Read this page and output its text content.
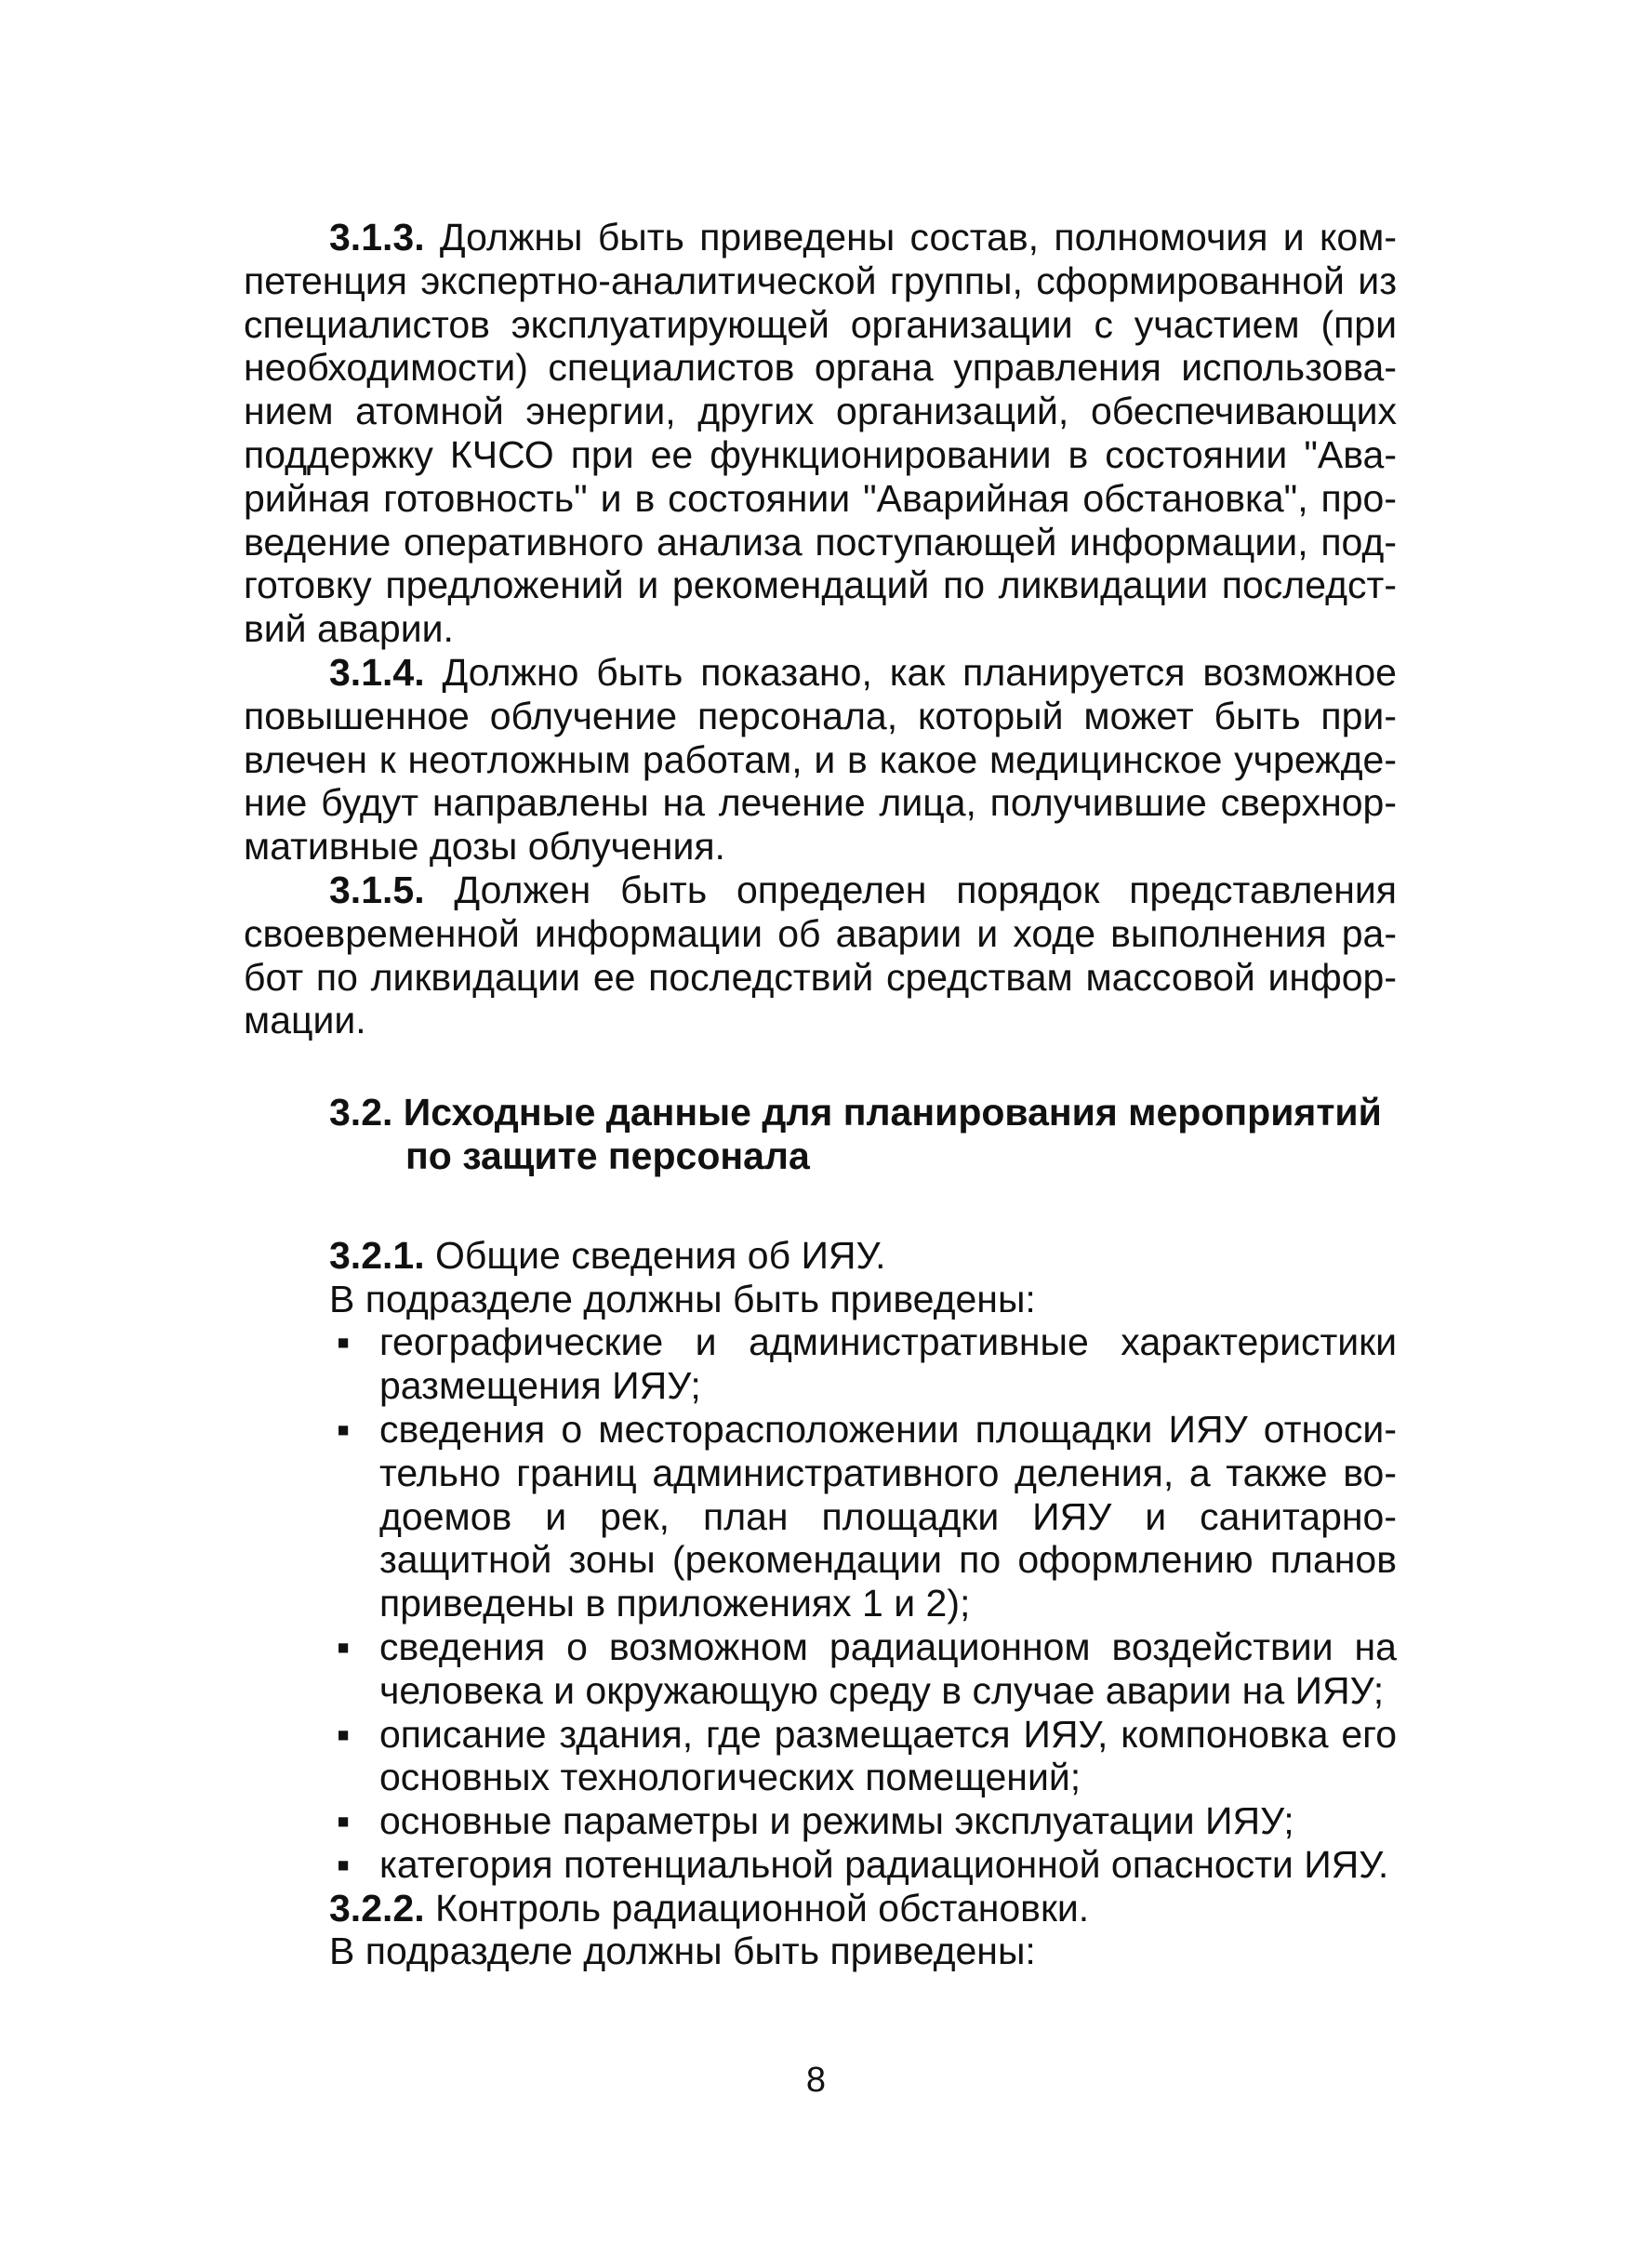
3.1.3. Должны быть приведены состав, полномочия и компетенция экспертно-аналитической группы, сформированной из специалистов эксплуатирующей организации с участием (при необходимости) специалистов органа управления использованием атомной энергии, других организаций, обеспечивающих поддержку КЧСО при ее функционировании в состоянии "Аварийная готовность" и в состоянии "Аварийная обстановка", проведение оперативного анализа поступающей информации, подготовку предложений и рекомендаций по ликвидации последствий аварии.

3.1.4. Должно быть показано, как планируется возможное повышенное облучение персонала, который может быть привлечен к неотложным работам, и в какое медицинское учреждение будут направлены на лечение лица, получившие сверхнормативные дозы облучения.

3.1.5. Должен быть определен порядок представления своевременной информации об аварии и ходе выполнения работ по ликвидации ее последствий средствам массовой информации.

3.2. Исходные данные для планирования мероприятий
по защите персонала

3.2.1. Общие сведения об ИЯУ.

В подразделе должны быть приведены:

▪ географические и административные характеристики размещения ИЯУ;
▪ сведения о месторасположении площадки ИЯУ относительно границ административного деления, а также водоемов и рек, план площадки ИЯУ и санитарно-защитной зоны (рекомендации по оформлению планов приведены в приложениях 1 и 2);
▪ сведения о возможном радиационном воздействии на человека и окружающую среду в случае аварии на ИЯУ;
▪ описание здания, где размещается ИЯУ, компоновка его основных технологических помещений;
▪ основные параметры и режимы эксплуатации ИЯУ;
▪ категория потенциальной радиационной опасности ИЯУ.

3.2.2. Контроль радиационной обстановки.

В подразделе должны быть приведены:

8
